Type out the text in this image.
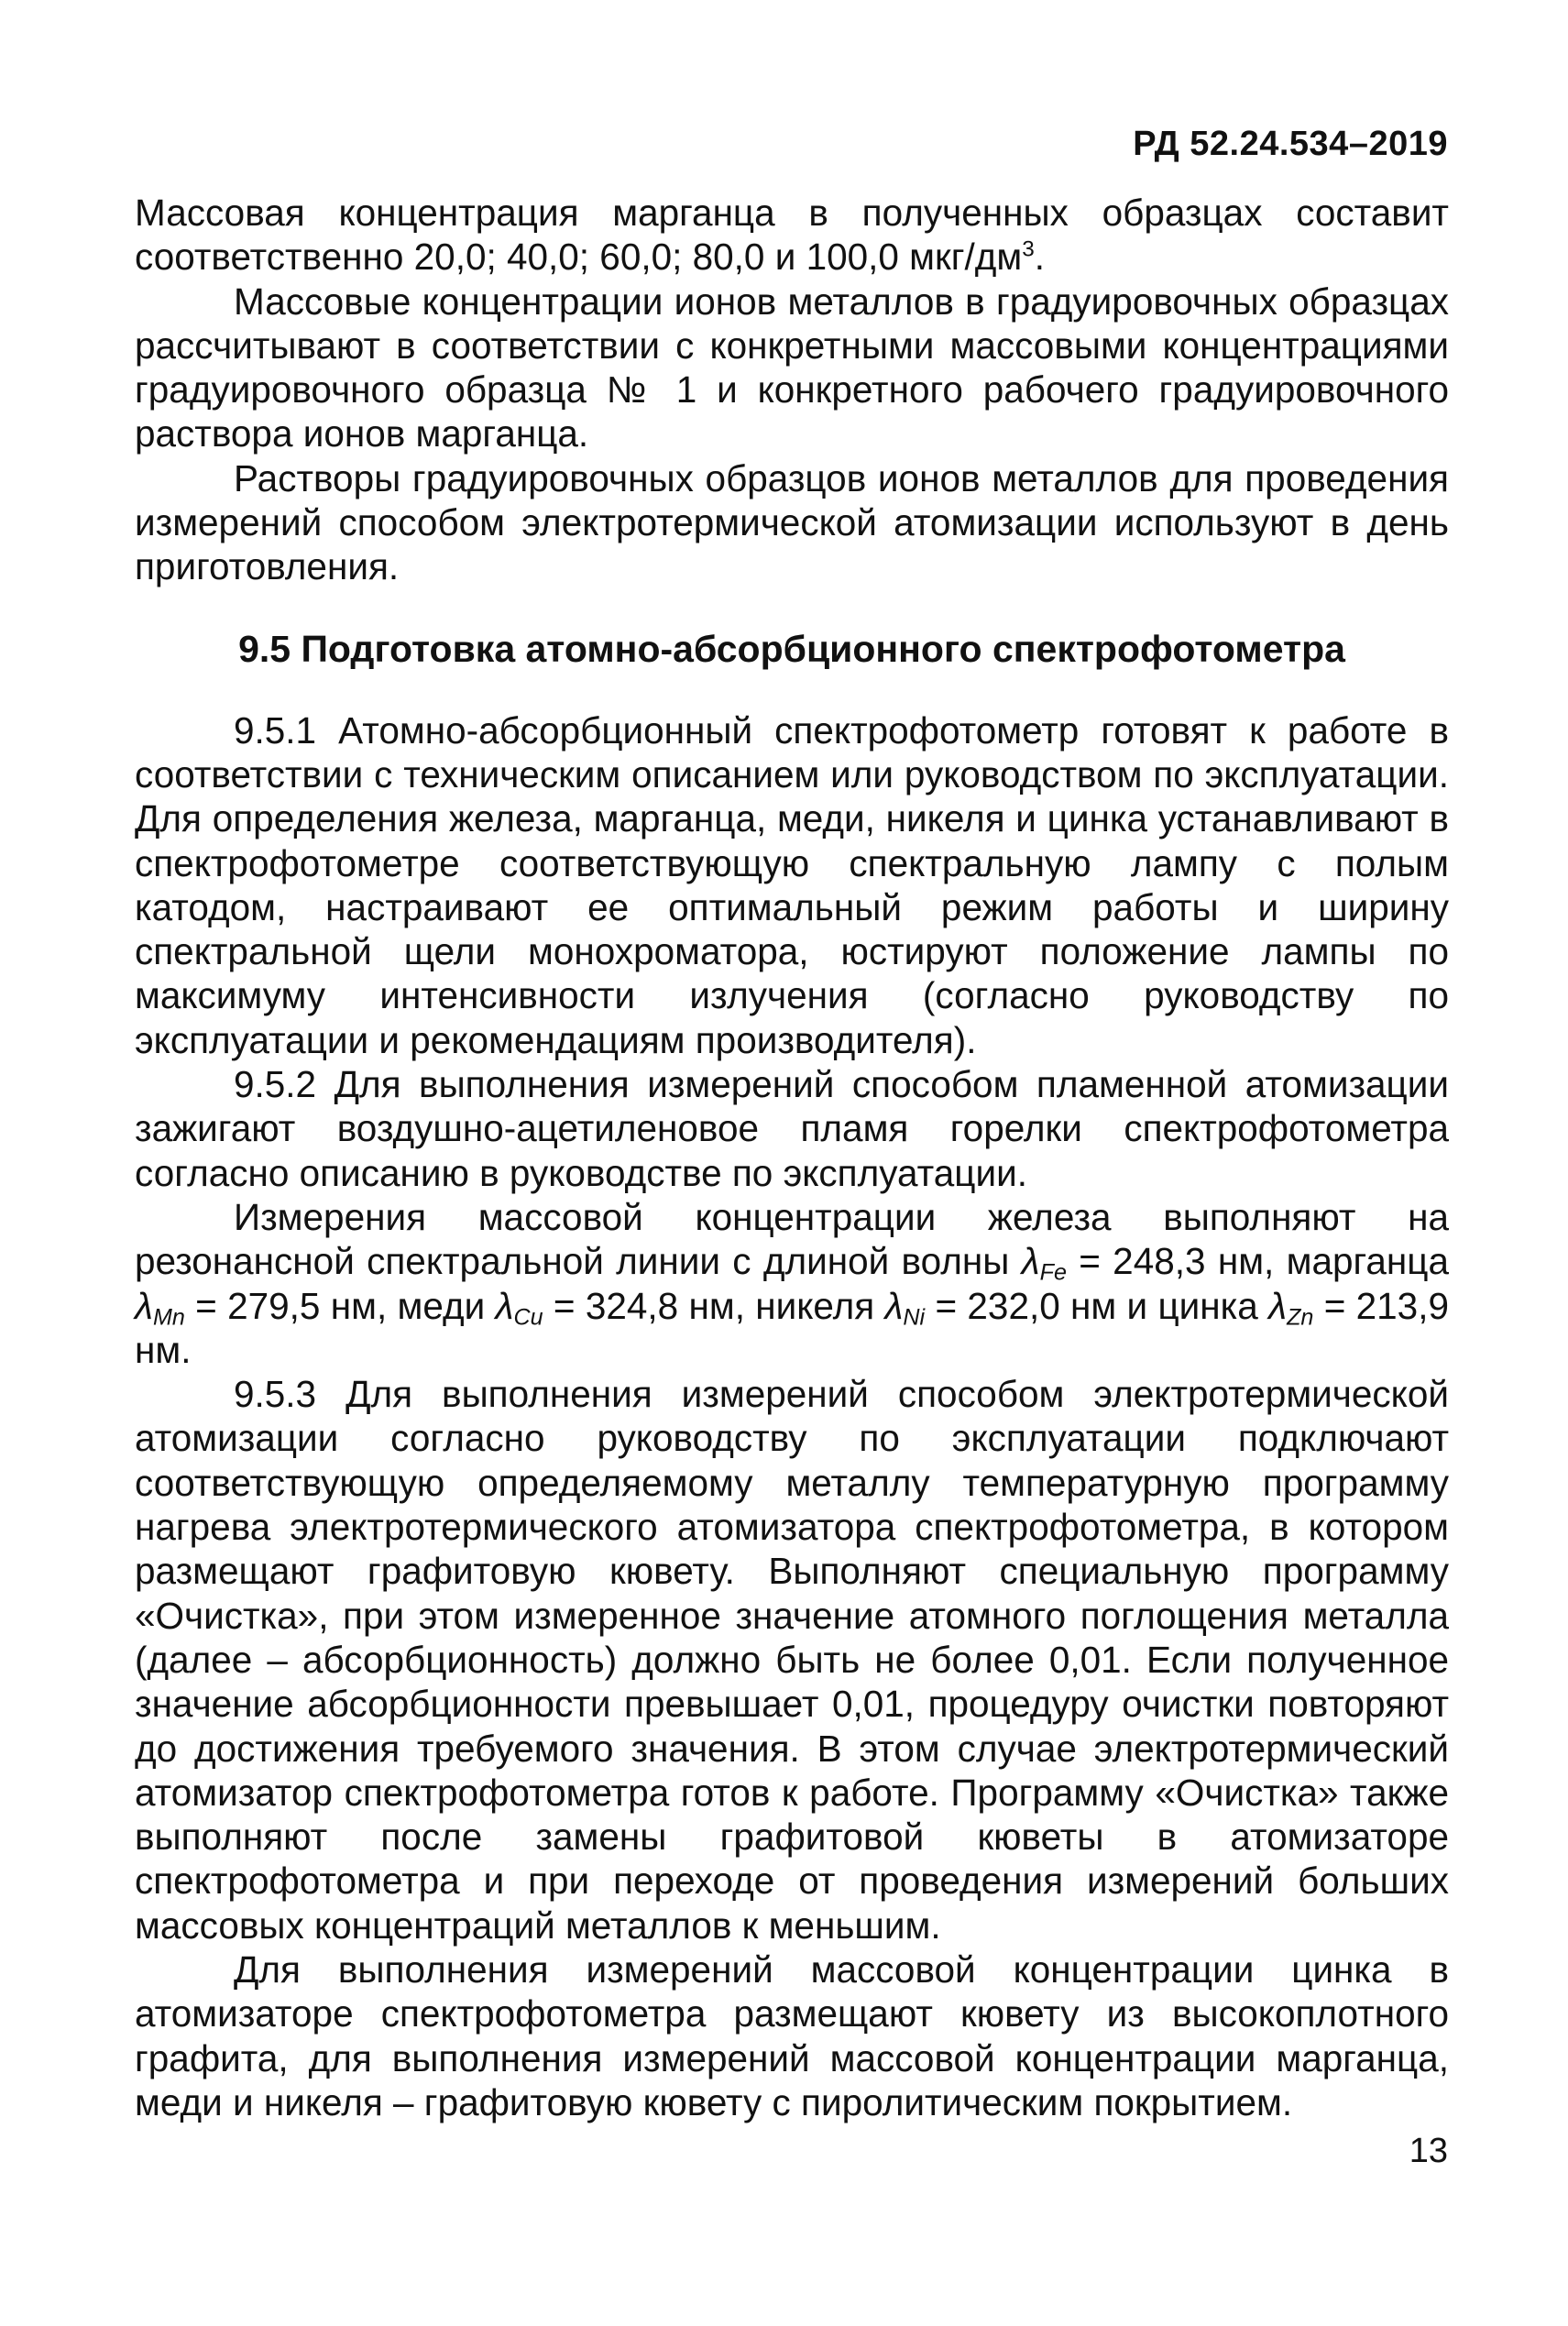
РД 52.24.534–2019

Массовая концентрация марганца в полученных образцах составит соответственно 20,0; 40,0; 60,0; 80,0 и 100,0 мкг/$дм^3$.

Массовые концентрации ионов металлов в градуировочных образцах рассчитывают в соответствии с конкретными массовыми концентрациями градуировочного образца № 1 и конкретного рабочего градуировочного раствора ионов марганца.

Растворы градуировочных образцов ионов металлов для проведения измерений способом электротермической атомизации используют в день приготовления.

9.5 Подготовка атомно-абсорбционного спектрофотометра

9.5.1 Атомно-абсорбционный спектрофотометр готовят к работе в соответствии с техническим описанием или руководством по эксплуатации. Для определения железа, марганца, меди, никеля и цинка устанавливают в спектрофотометре соответствующую спектральную лампу с полым катодом, настраивают ее оптимальный режим работы и ширину спектральной щели монохроматора, юстируют положение лампы по максимуму интенсивности излучения (согласно руководству по эксплуатации и рекомендациям производителя).

9.5.2 Для выполнения измерений способом пламенной атомизации зажигают воздушно-ацетиленовое пламя горелки спектрофотометра согласно описанию в руководстве по эксплуатации.

Измерения массовой концентрации железа выполняют на резонансной спектральной линии с длиной волны $\lambda_{Fe} = 248,3$ нм, марганца $\lambda_{Mn} = 279,5$ нм, меди $\lambda_{Cu} = 324,8$ нм, никеля $\lambda_{Ni} = 232,0$ нм и цинка $\lambda_{Zn} = 213,9$ нм.

9.5.3 Для выполнения измерений способом электротермической атомизации согласно руководству по эксплуатации подключают соответствующую определяемому металлу температурную программу нагрева электротермического атомизатора спектрофотометра, в котором размещают графитовую кювету. Выполняют специальную программу «Очистка», при этом измеренное значение атомного поглощения металла (далее – абсорбционность) должно быть не более 0,01. Если полученное значение абсорбционности превышает 0,01, процедуру очистки повторяют до достижения требуемого значения. В этом случае электротермический атомизатор спектрофотометра готов к работе. Программу «Очистка» также выполняют после замены графитовой кюветы в атомизаторе спектрофотометра и при переходе от проведения измерений больших массовых концентраций металлов к меньшим.

Для выполнения измерений массовой концентрации цинка в атомизаторе спектрофотометра размещают кювету из высокоплотного графита, для выполнения измерений массовой концентрации марганца, меди и никеля – графитовую кювету с пиролитическим покрытием.

13
